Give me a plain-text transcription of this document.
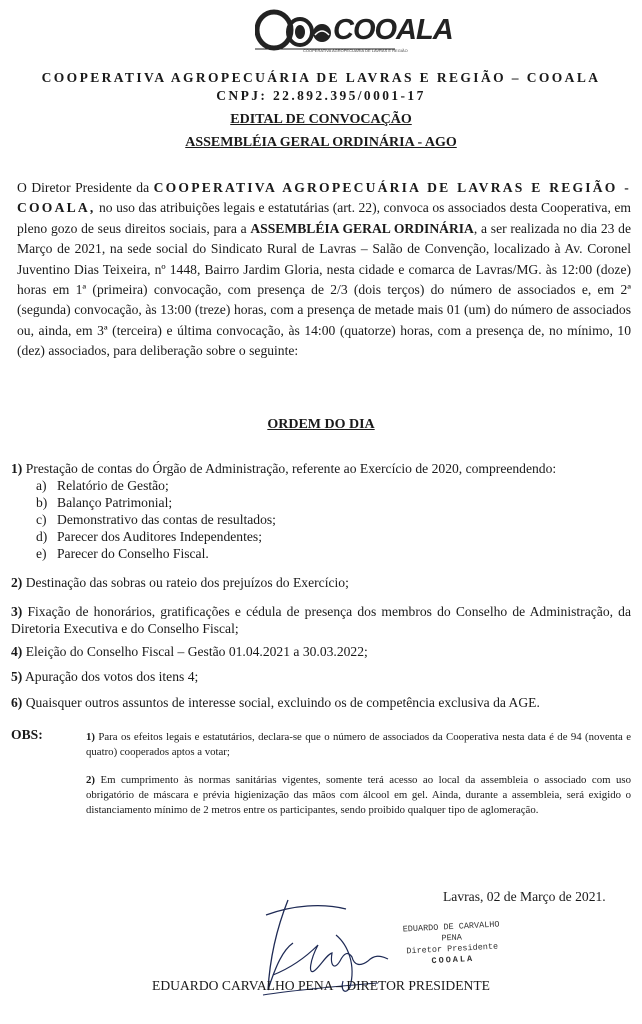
COOALA
COOPERATIVA AGROPECUÁRIA DE LAVRAS E REGIÃO
COOPERATIVA AGROPECUÁRIA DE LAVRAS E REGIÃO – COOALA
CNPJ: 22.892.395/0001-17
EDITAL DE CONVOCAÇÃO
ASSEMBLÉIA GERAL ORDINÁRIA - AGO
O Diretor Presidente da COOPERATIVA AGROPECUÁRIA DE LAVRAS E REGIÃO - COOALA, no uso das atribuições legais e estatutárias (art. 22), convoca os associados desta Cooperativa, em pleno gozo de seus direitos sociais, para a ASSEMBLÉIA GERAL ORDINÁRIA, a ser realizada no dia 23 de Março de 2021, na sede social do Sindicato Rural de Lavras – Salão de Convenção, localizado à Av. Coronel Juventino Dias Teixeira, nº 1448, Bairro Jardim Gloria, nesta cidade e comarca de Lavras/MG. às 12:00 (doze) horas em 1ª (primeira) convocação, com presença de 2/3 (dois terços) do número de associados e, em 2ª (segunda) convocação, às 13:00 (treze) horas, com a presença de metade mais 01 (um) do número de associados ou, ainda, em 3ª (terceira) e última convocação, às 14:00 (quatorze) horas, com a presença de, no mínimo, 10 (dez) associados, para deliberação sobre o seguinte:
ORDEM DO DIA
1) Prestação de contas do Órgão de Administração, referente ao Exercício de 2020, compreendendo:
a) Relatório de Gestão;
b) Balanço Patrimonial;
c) Demonstrativo das contas de resultados;
d) Parecer dos Auditores Independentes;
e) Parecer do Conselho Fiscal.
2) Destinação das sobras ou rateio dos prejuízos do Exercício;
3) Fixação de honorários, gratificações e cédula de presença dos membros do Conselho de Administração, da Diretoria Executiva e do Conselho Fiscal;
4) Eleição do Conselho Fiscal – Gestão 01.04.2021 a 30.03.2022;
5) Apuração dos votos dos itens 4;
6) Quaisquer outros assuntos de interesse social, excluindo os de competência exclusiva da AGE.
OBS:	1) Para os efeitos legais e estatutários, declara-se que o número de associados da Cooperativa nesta data é de 94 (noventa e quatro) cooperados aptos a votar;
2) Em cumprimento às normas sanitárias vigentes, somente terá acesso ao local da assembleia o associado com uso obrigatório de máscara e prévia higienização das mãos com álcool em gel. Ainda, durante a assembleia, será exigido o distanciamento mínimo de 2 metros entre os participantes, sendo proibido qualquer tipo de aglomeração.
Lavras, 02 de Março de 2021.
EDUARDO DE CARVALHO PENA
Diretor Presidente
COOALA
EDUARDO CARVALHO PENA – DIRETOR PRESIDENTE
